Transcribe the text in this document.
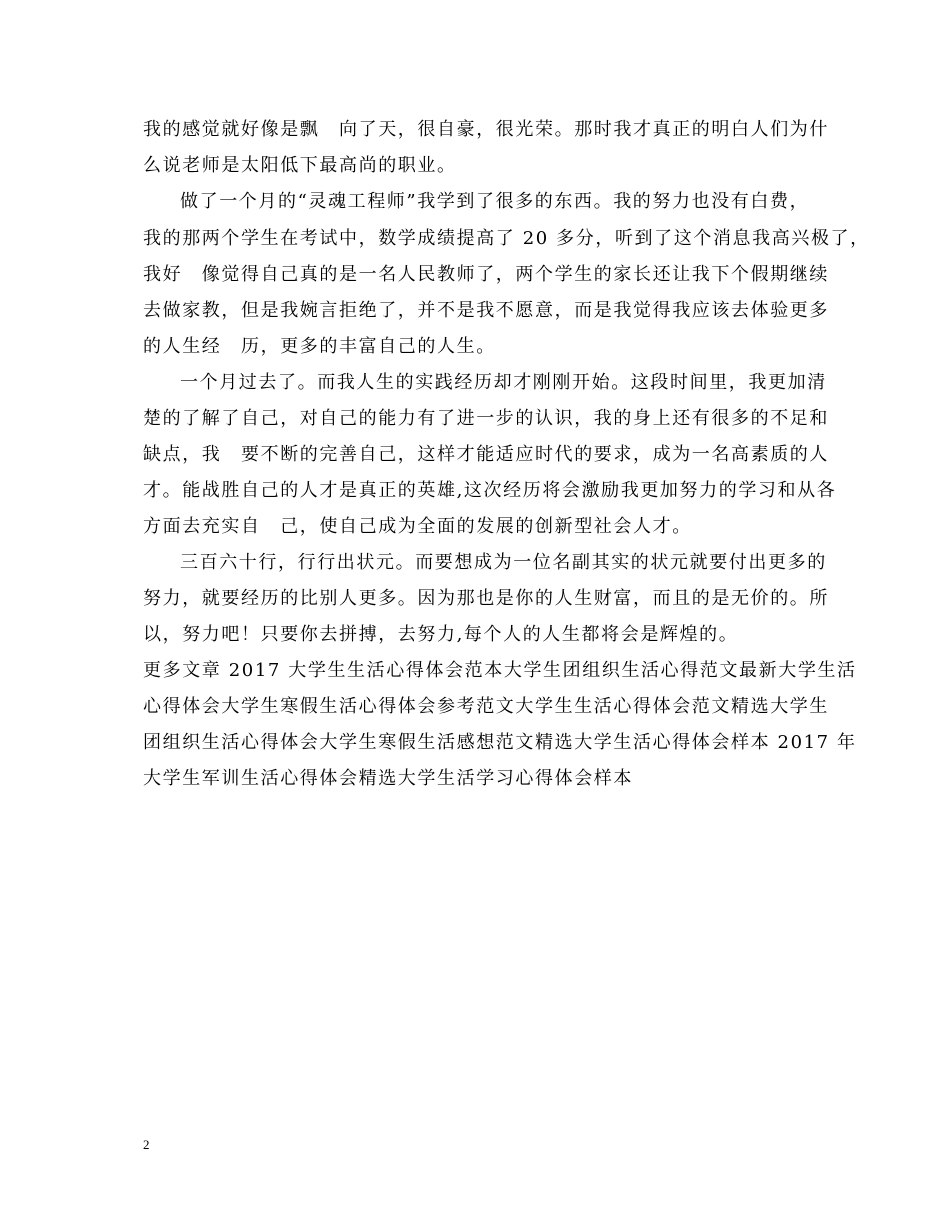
我的感觉就好像是飘　向了天，很自豪，很光荣。那时我才真正的明白人们为什
么说老师是太阳低下最高尚的职业。
做了一个月的“灵魂工程师”我学到了很多的东西。我的努力也没有白费，
我的那两个学生在考试中，数学成绩提高了 20 多分，听到了这个消息我高兴极了，
我好　像觉得自己真的是一名人民教师了，两个学生的家长还让我下个假期继续
去做家教，但是我婉言拒绝了，并不是我不愿意，而是我觉得我应该去体验更多
的人生经　历，更多的丰富自己的人生。
一个月过去了。而我人生的实践经历却才刚刚开始。这段时间里，我更加清
楚的了解了自己，对自己的能力有了进一步的认识，我的身上还有很多的不足和
缺点，我　要不断的完善自己，这样才能适应时代的要求，成为一名高素质的人
才。能战胜自己的人才是真正的英雄,这次经历将会激励我更加努力的学习和从各
方面去充实自　己，使自己成为全面的发展的创新型社会人才。
三百六十行，行行出状元。而要想成为一位名副其实的状元就要付出更多的
努力，就要经历的比别人更多。因为那也是你的人生财富，而且的是无价的。所
以，努力吧！只要你去拼搏，去努力,每个人的人生都将会是辉煌的。
更多文章 2017 大学生生活心得体会范本大学生团组织生活心得范文最新大学生活
心得体会大学生寒假生活心得体会参考范文大学生生活心得体会范文精选大学生
团组织生活心得体会大学生寒假生活感想范文精选大学生活心得体会样本 2017 年
大学生军训生活心得体会精选大学生活学习心得体会样本
2
